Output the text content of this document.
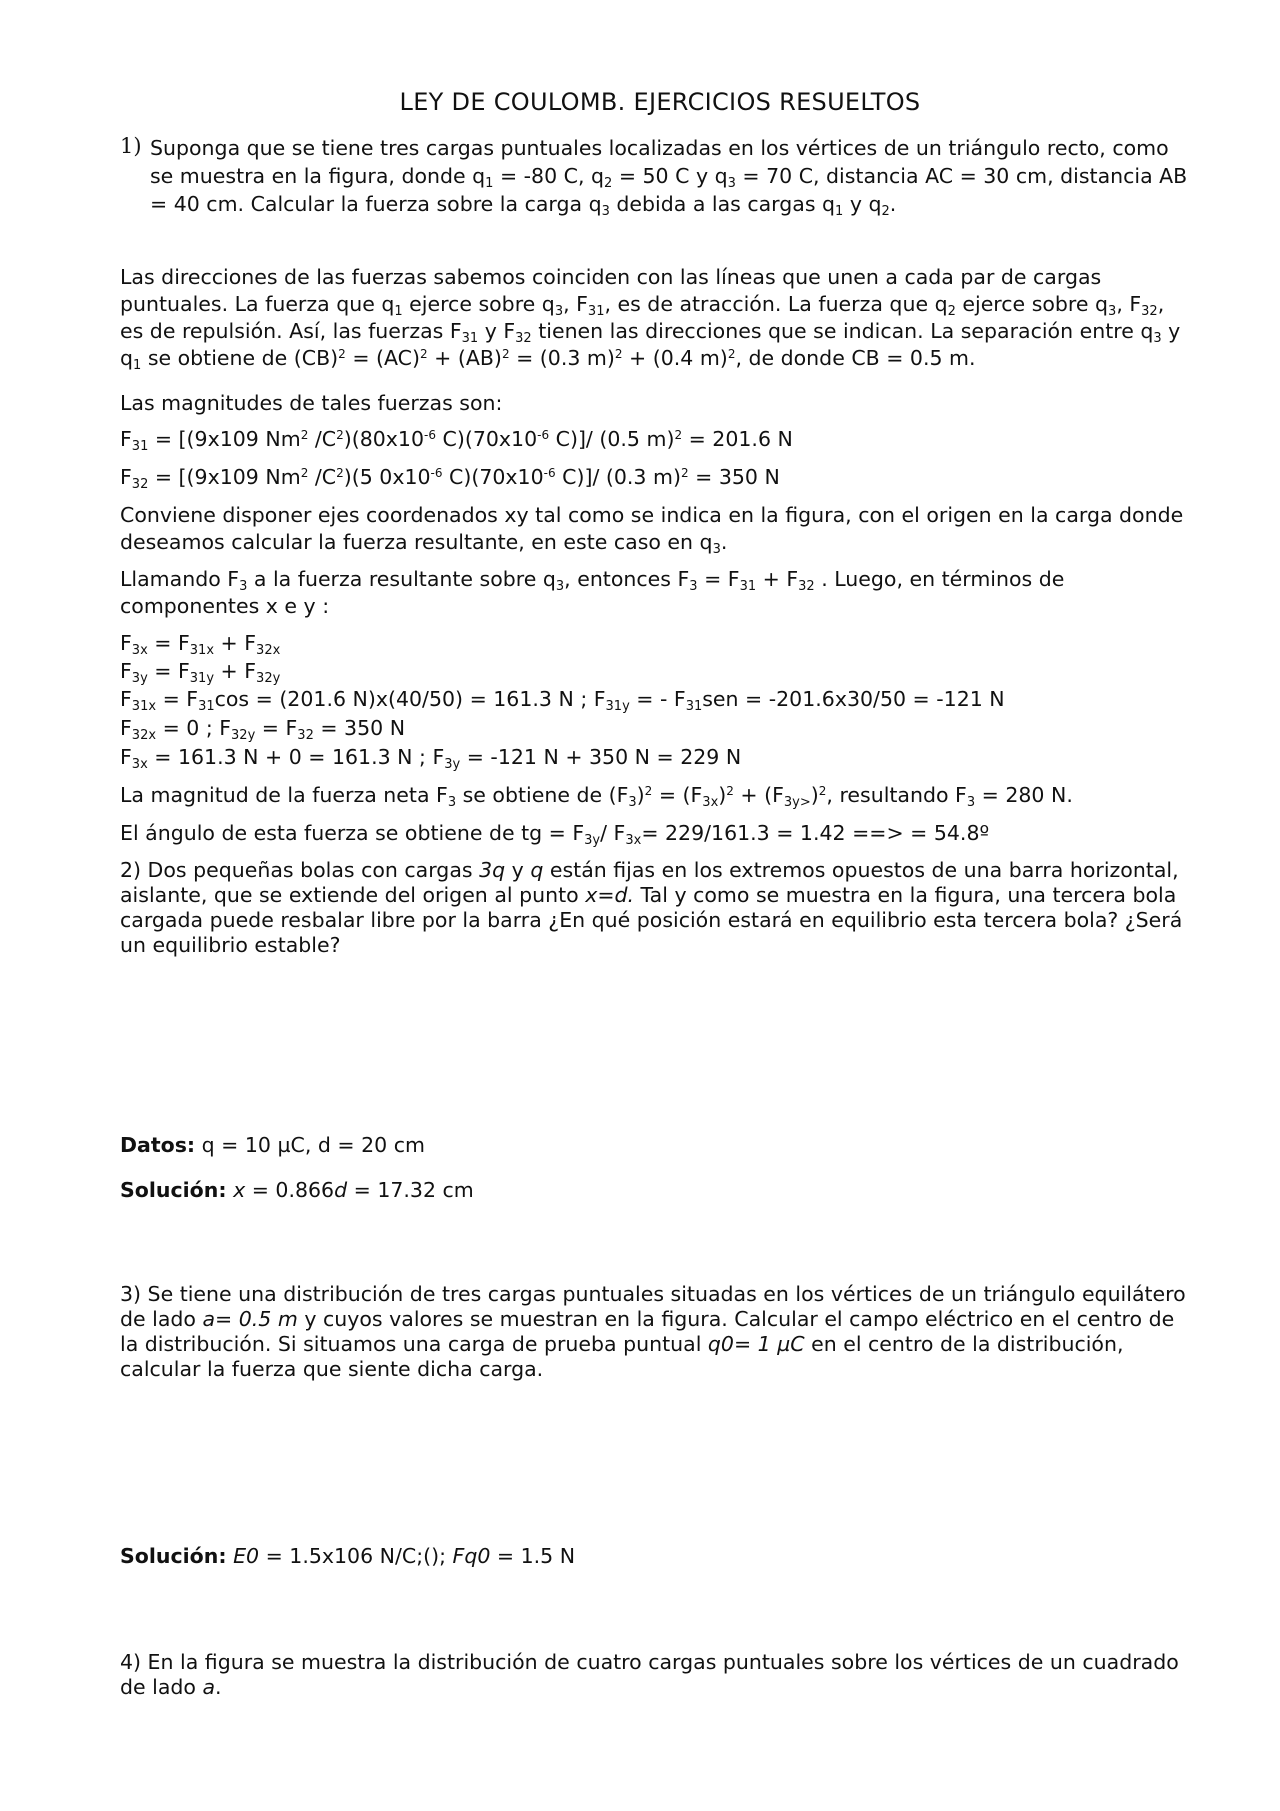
LEY DE COULOMB. EJERCICIOS RESUELTOS
1) Suponga que se tiene tres cargas puntuales localizadas en los vértices de un triángulo recto, como se muestra en la figura, donde $q_1 = -80$ C, $q_2 = 50$ C y $q_3 = 70$ C, distancia AC = 30 cm, distancia AB = 40 cm. Calcular la fuerza sobre la carga $q_3$ debida a las cargas $q_1$ y $q_2$.

Las direcciones de las fuerzas sabemos coinciden con las líneas que unen a cada par de cargas puntuales. La fuerza que $q_1$ ejerce sobre $q_3$, $F_{31}$, es de atracción. La fuerza que $q_2$ ejerce sobre $q_3$, $F_{32}$, es de repulsión. Así, las fuerzas $F_{31}$ y $F_{32}$ tienen las direcciones que se indican. La separación entre $q_3$ y $q_1$ se obtiene de (CB)$^2$ = (AC)$^2$ + (AB)$^2$ = (0.3 m)$^2$ + (0.4 m)$^2$, de donde CB = 0.5 m.

Las magnitudes de tales fuerzas son:

$F_{31} = [(9x109$ Nm$^2$ $/C^2)(80x10^{-6}$ $C)(70x10^{-6}$ C)]/ (0.5 m)$^2$ = 201.6 N

$F_{32} = [(9x109$ Nm$^2$ $/C^2)(5$ $0x10^{-6}$ $C)(70x10^{-6}$ C)]/ (0.3 m)$^2$ = 350 N

Conviene disponer ejes coordenados xy tal como se indica en la figura, con el origen en la carga donde deseamos calcular la fuerza resultante, en este caso en $q_3$.

Llamando $F_3$ a la fuerza resultante sobre $q_3$, entonces $F_3 = F_{31} + F_{32}$ . Luego, en términos de componentes x e y :

$F_{3x} = F_{31x} + F_{32x}$

$F_{3y} = F_{31y} + F_{32y}$

$F_{31x} = F_{31}\cos = (201.6$ N)x(40/50) = 161.3 N ; $F_{31y}$ = - $F_{31}sen = -201.6x30/50 = -121$ N

$F_{32x} = 0$ ; $F_{32y} = F_{32} = 350$ N

$F_{3x} = 161.3$ N + 0 = 161.3 N ; $F_{3y} = -121$ N + 350 N = 229 N

La magnitud de la fuerza neta $F_3$ se obtiene de $(F_3)^2 = (F_{3x})^2 + (F_{3y>})^2$, resultando $F_3 = 280$ N.

El ángulo de esta fuerza se obtiene de tg = $F_{3y}/$ $F_{3x}= 229/161.3 = 1.42$ ==> = 54.8º

2) Dos pequeñas bolas con cargas 3q y q están fijas en los extremos opuestos de una barra horizontal, aislante, que se extiende del origen al punto x=d. Tal y como se muestra en la figura, una tercera bola cargada puede resbalar libre por la barra ¿En qué posición estará en equilibrio esta tercera bola? ¿Será un equilibrio estable?

Datos: q = 10 µC, d = 20 cm

Solución: x = 0.866d = 17.32 cm

3) Se tiene una distribución de tres cargas puntuales situadas en los vértices de un triángulo equilátero de lado a= 0.5 m y cuyos valores se muestran en la figura. Calcular el campo eléctrico en el centro de la distribución. Si situamos una carga de prueba puntual q0= 1 µC en el centro de la distribución, calcular la fuerza que siente dicha carga.

Solución: E0 = 1.5x106 N/C;(); Fq0 = 1.5 N

4) En la figura se muestra la distribución de cuatro cargas puntuales sobre los vértices de un cuadrado de lado a.
